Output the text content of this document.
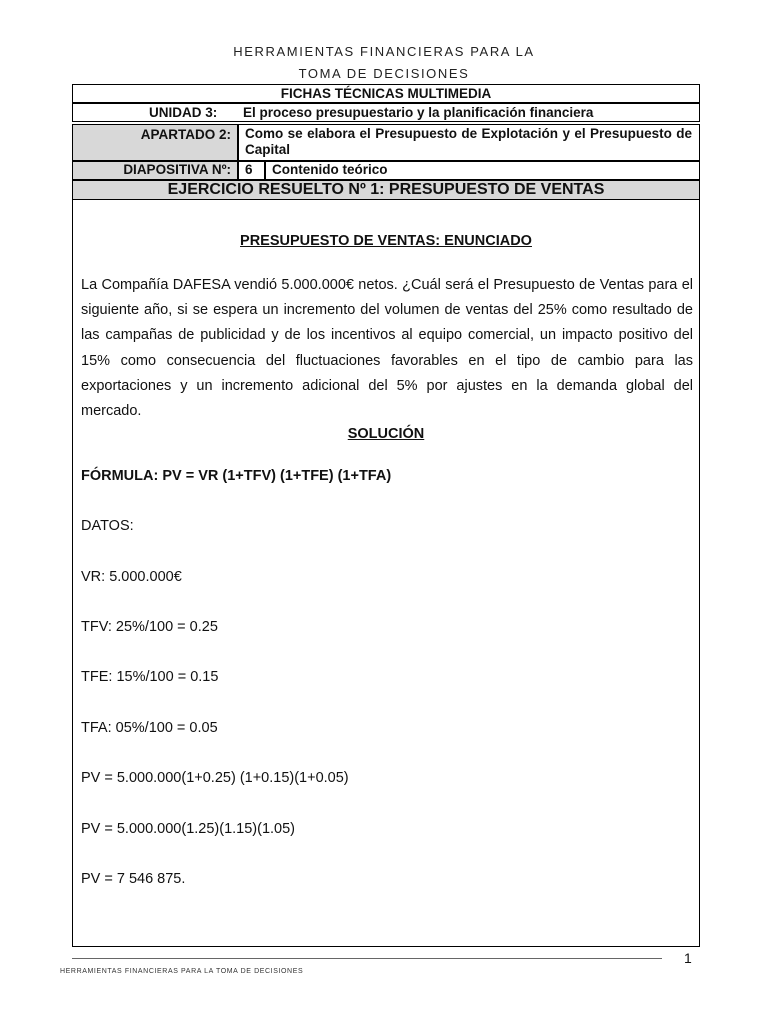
HERRAMIENTAS FINANCIERAS PARA LA
TOMA DE DECISIONES
FICHAS TÉCNICAS MULTIMEDIA
UNIDAD 3: El proceso presupuestario y la planificación financiera
APARTADO 2:	Como se elabora el Presupuesto de Explotación y el Presupuesto de Capital
DIAPOSITIVA Nº:	6	Contenido teórico
EJERCICIO RESUELTO Nº 1: PRESUPUESTO DE VENTAS
PRESUPUESTO DE VENTAS: ENUNCIADO
La Compañía DAFESA vendió 5.000.000€ netos. ¿Cuál será el Presupuesto de Ventas para el siguiente año, si se espera un incremento del volumen de ventas del 25% como resultado de las campañas de publicidad y de los incentivos al equipo comercial, un impacto positivo del 15% como consecuencia del fluctuaciones favorables en el tipo de cambio para las exportaciones y un incremento adicional del 5% por ajustes en la demanda global del mercado.
SOLUCIÓN
FÓRMULA: PV = VR (1+TFV) (1+TFE) (1+TFA)
DATOS:
VR: 5.000.000€
TFV: 25%/100 = 0.25
TFE: 15%/100 = 0.15
TFA: 05%/100 = 0.05
PV = 5.000.000(1+0.25) (1+0.15)(1+0.05)
PV = 5.000.000(1.25)(1.15)(1.05)
PV = 7 546 875.
1
HERRAMIENTAS FINANCIERAS PARA LA TOMA DE DECISIONES
